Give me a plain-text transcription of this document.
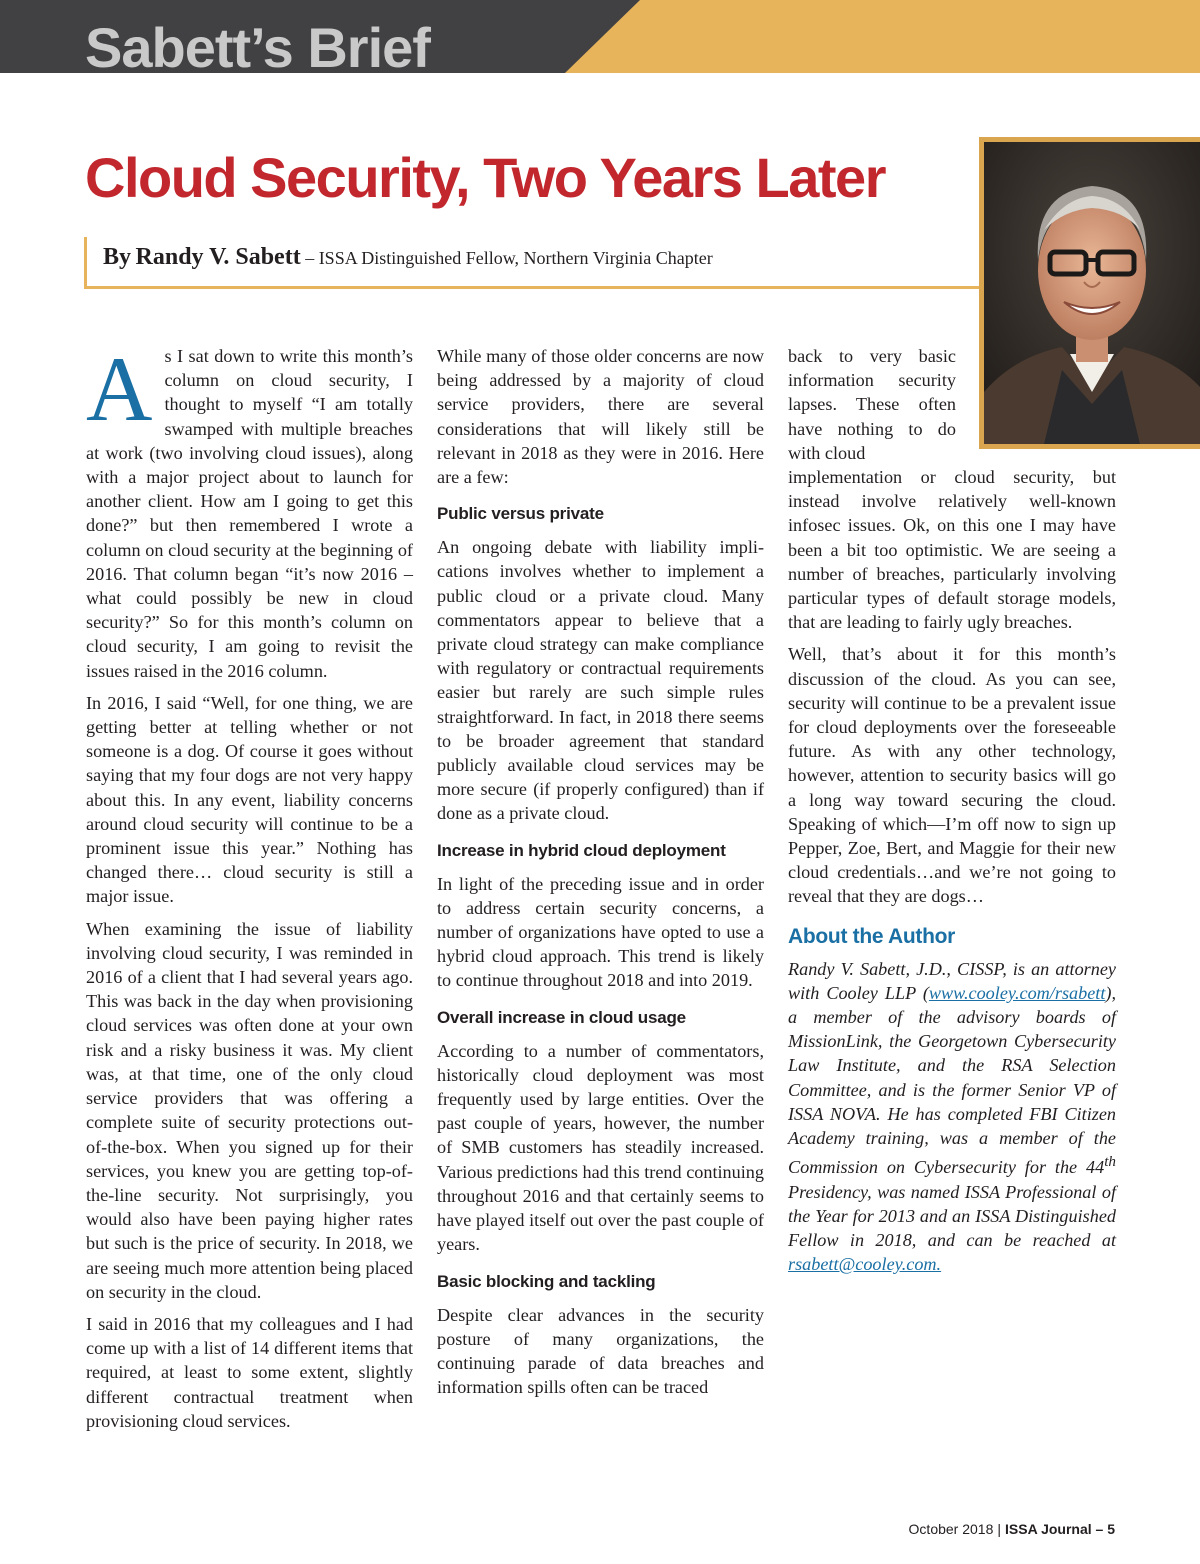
Sabett’s Brief
Cloud Security, Two Years Later
By Randy V. Sabett – ISSA Distinguished Fellow, Northern Virginia Chapter

As I sat down to write this month’s column on cloud security, I thought to myself “I am totally swamped with multiple breaches at work (two involving cloud issues), along with a major project about to launch for another client. How am I going to get this done?” but then remembered I wrote a column on cloud security at the beginning of 2016. That column began “it’s now 2016 – what could possibly be new in cloud security?” So for this month’s column on cloud security, I am going to revisit the issues raised in the 2016 column.

In 2016, I said “Well, for one thing, we are getting better at telling whether or not someone is a dog. Of course it goes without saying that my four dogs are not very happy about this. In any event, liability concerns around cloud security will continue to be a prominent issue this year.” Nothing has changed there… cloud security is still a major issue.

When examining the issue of liability involving cloud security, I was reminded in 2016 of a client that I had several years ago. This was back in the day when provisioning cloud services was often done at your own risk and a risky business it was. My client was, at that time, one of the only cloud service providers that was offering a complete suite of security protections out-of-the-box. When you signed up for their services, you knew you are getting top-of-the-line security. Not surprisingly, you would also have been paying higher rates but such is the price of security. In 2018, we are seeing much more attention being placed on security in the cloud.

I said in 2016 that my colleagues and I had come up with a list of 14 different items that required, at least to some extent, slightly different contractual treatment when provisioning cloud services.

While many of those older concerns are now being addressed by a majority of cloud service providers, there are several considerations that will likely still be relevant in 2018 as they were in 2016. Here are a few:

Public versus private

An ongoing debate with liability implications involves whether to implement a public cloud or a private cloud. Many commentators appear to believe that a private cloud strategy can make compliance with regulatory or contractual requirements easier but rarely are such simple rules straightforward. In fact, in 2018 there seems to be broader agreement that standard publicly available cloud services may be more secure (if properly configured) than if done as a private cloud.

Increase in hybrid cloud deployment

In light of the preceding issue and in order to address certain security concerns, a number of organizations have opted to use a hybrid cloud approach. This trend is likely to continue throughout 2018 and into 2019.

Overall increase in cloud usage

According to a number of commentators, historically cloud deployment was most frequently used by large entities. Over the past couple of years, however, the number of SMB customers has steadily increased. Various predictions had this trend continuing throughout 2016 and that certainly seems to have played itself out over the past couple of years.

Basic blocking and tackling

Despite clear advances in the security posture of many organizations, the continuing parade of data breaches and information spills often can be traced

back to very basic information security lapses. These often have nothing to do with cloud

implementation or cloud security, but instead involve relatively well-known infosec issues. Ok, on this one I may have been a bit too optimistic. We are seeing a number of breaches, particularly involving particular types of default storage models, that are leading to fairly ugly breaches.

Well, that’s about it for this month’s discussion of the cloud. As you can see, security will continue to be a prevalent issue for cloud deployments over the foreseeable future. As with any other technology, however, attention to security basics will go a long way toward securing the cloud. Speaking of which—I’m off now to sign up Pepper, Zoe, Bert, and Maggie for their new cloud credentials…and we’re not going to reveal that they are dogs…

About the Author

Randy V. Sabett, J.D., CISSP, is an attorney with Cooley LLP (www.cooley.com/rsabett), a member of the advisory boards of MissionLink, the Georgetown Cybersecurity Law Institute, and the RSA Selection Committee, and is the former Senior VP of ISSA NOVA. He has completed FBI Citizen Academy training, was a member of the Commission on Cybersecurity for the 44th Presidency, was named ISSA Professional of the Year for 2013 and an ISSA Distinguished Fellow in 2018, and can be reached at rsabett@cooley.com.

October 2018 | ISSA Journal – 5
